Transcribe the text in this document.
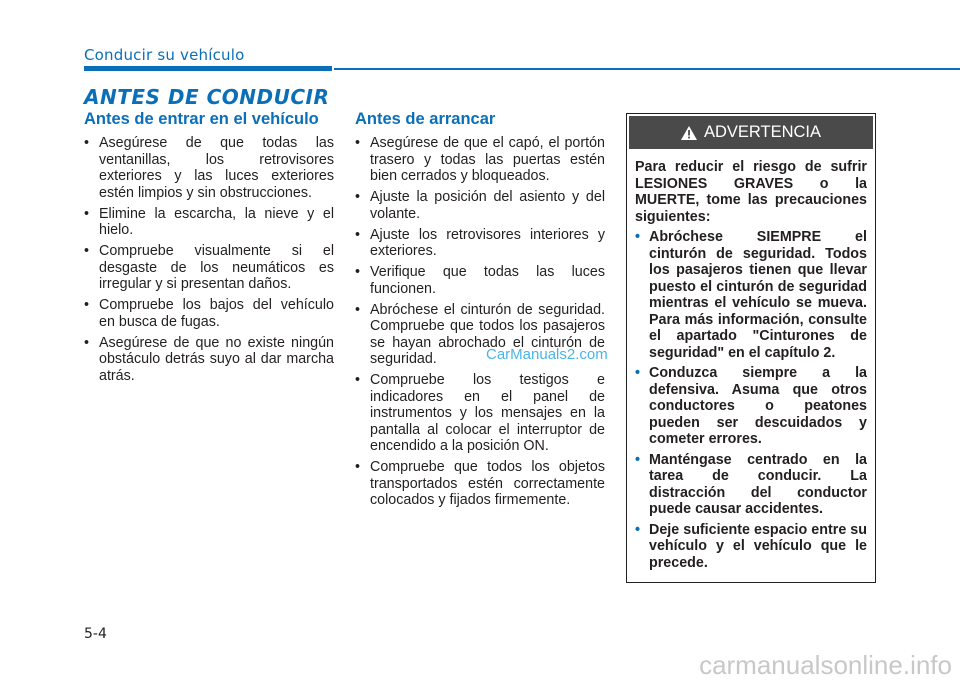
Conducir su vehículo
ANTES DE CONDUCIR
Antes de entrar en el vehículo
• Asegúrese de que todas las ventanillas, los retrovisores exteriores y las luces exteriores estén limpios y sin obstrucciones.
• Elimine la escarcha, la nieve y el hielo.
• Compruebe visualmente si el desgaste de los neumáticos es irregular y si presentan daños.
• Compruebe los bajos del vehículo en busca de fugas.
• Asegúrese de que no existe ningún obstáculo detrás suyo al dar marcha atrás.
Antes de arrancar
• Asegúrese de que el capó, el portón trasero y todas las puertas estén bien cerrados y bloqueados.
• Ajuste la posición del asiento y del volante.
• Ajuste los retrovisores interiores y exteriores.
• Verifique que todas las luces funcionen.
• Abróchese el cinturón de seguridad. Compruebe que todos los pasajeros se hayan abrochado el cinturón de seguridad.
• Compruebe los testigos e indicadores en el panel de instrumentos y los mensajes en la pantalla al colocar el interruptor de encendido a la posición ON.
• Compruebe que todos los objetos transportados estén correctamente colocados y fijados firmemente.
ADVERTENCIA

Para reducir el riesgo de sufrir LESIONES GRAVES o la MUERTE, tome las precauciones siguientes:

• Abróchese SIEMPRE el cinturón de seguridad. Todos los pasajeros tienen que llevar puesto el cinturón de seguridad mientras el vehículo se mueva. Para más información, consulte el apartado "Cinturones de seguridad" en el capítulo 2.
• Conduzca siempre a la defensiva. Asuma que otros conductores o peatones pueden ser descuidados y cometer errores.
• Manténgase centrado en la tarea de conducir. La distracción del conductor puede causar accidentes.
• Deje suficiente espacio entre su vehículo y el vehículo que le precede.
5-4
CarManuals2.com
carmanualsonline.info
